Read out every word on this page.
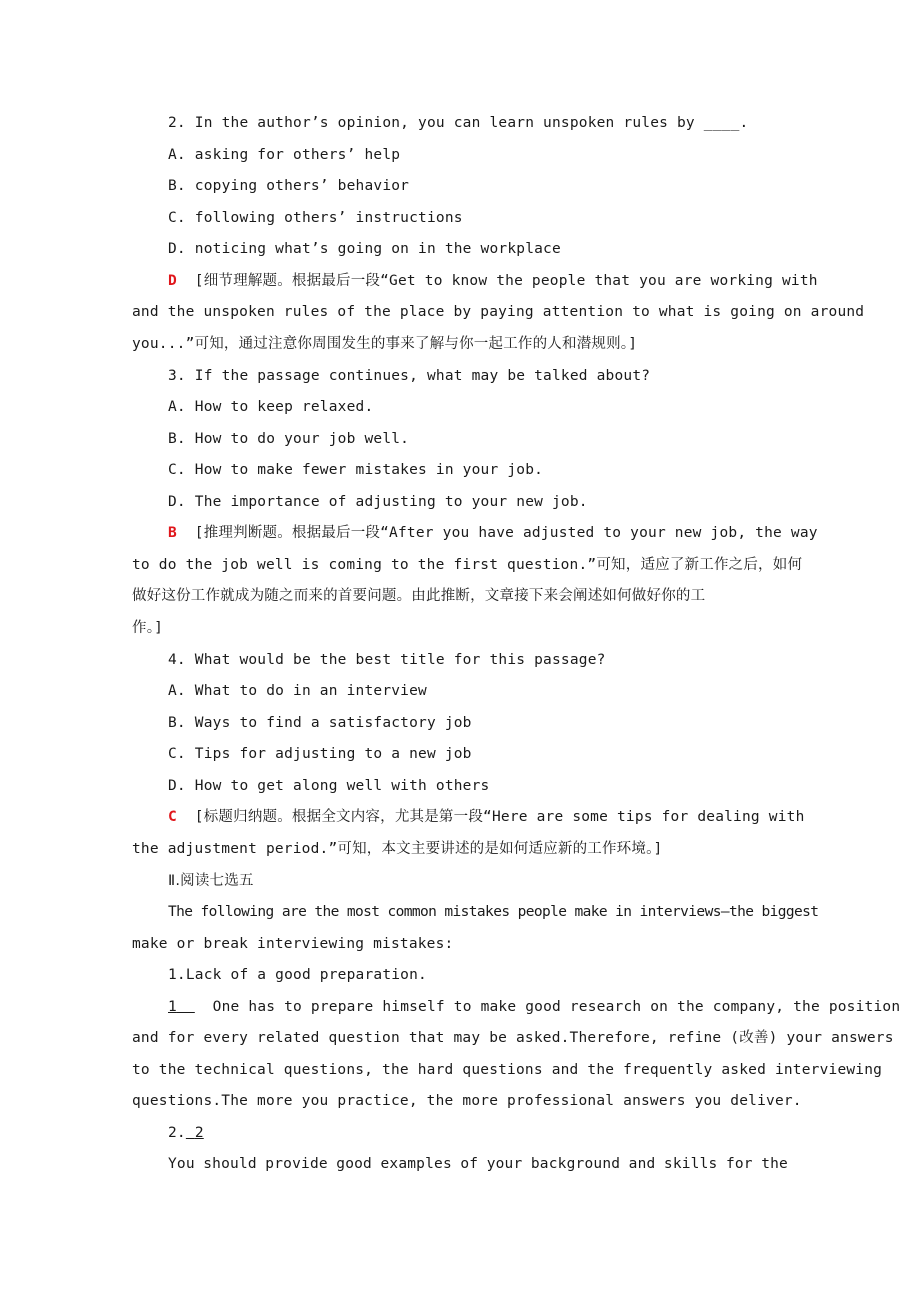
2. In the author’s opinion, you can learn unspoken rules by ____.
A. asking for others’ help
B. copying others’ behavior
C. following others’ instructions
D. noticing what’s going on in the workplace
D  [细节理解题。根据最后一段“Get to know the people that you are working with
and the unspoken rules of the place by paying attention to what is going on around
you...”可知，通过注意你周围发生的事来了解与你一起工作的人和潜规则。]
3. If the passage continues, what may be talked about?
A. How to keep relaxed.
B. How to do your job well.
C. How to make fewer mistakes in your job.
D. The importance of adjusting to your new job.
B  [推理判断题。根据最后一段“After you have adjusted to your new job, the way
to do the job well is coming to the first question.”可知，适应了新工作之后，如何
做好这份工作就成为随之而来的首要问题。由此推断，文章接下来会阐述如何做好你的工
作。]
4. What would be the best title for this passage?
A. What to do in an interview
B. Ways to find a satisfactory job
C. Tips for adjusting to a new job
D. How to get along well with others
C  [标题归纳题。根据全文内容，尤其是第一段“Here are some tips for dealing with
the adjustment period.”可知，本文主要讲述的是如何适应新的工作环境。]
Ⅱ.阅读七选五
The following are the most common mistakes people make in interviews—the biggest
make or break interviewing mistakes:
1.Lack of a good preparation.
1    One has to prepare himself to make good research on the company, the position
and for every related question that may be asked.Therefore, refine (改善) your answers
to the technical questions, the hard questions and the frequently asked interviewing
questions.The more you practice, the more professional answers you deliver.
2. 2
You should provide good examples of your background and skills for the
